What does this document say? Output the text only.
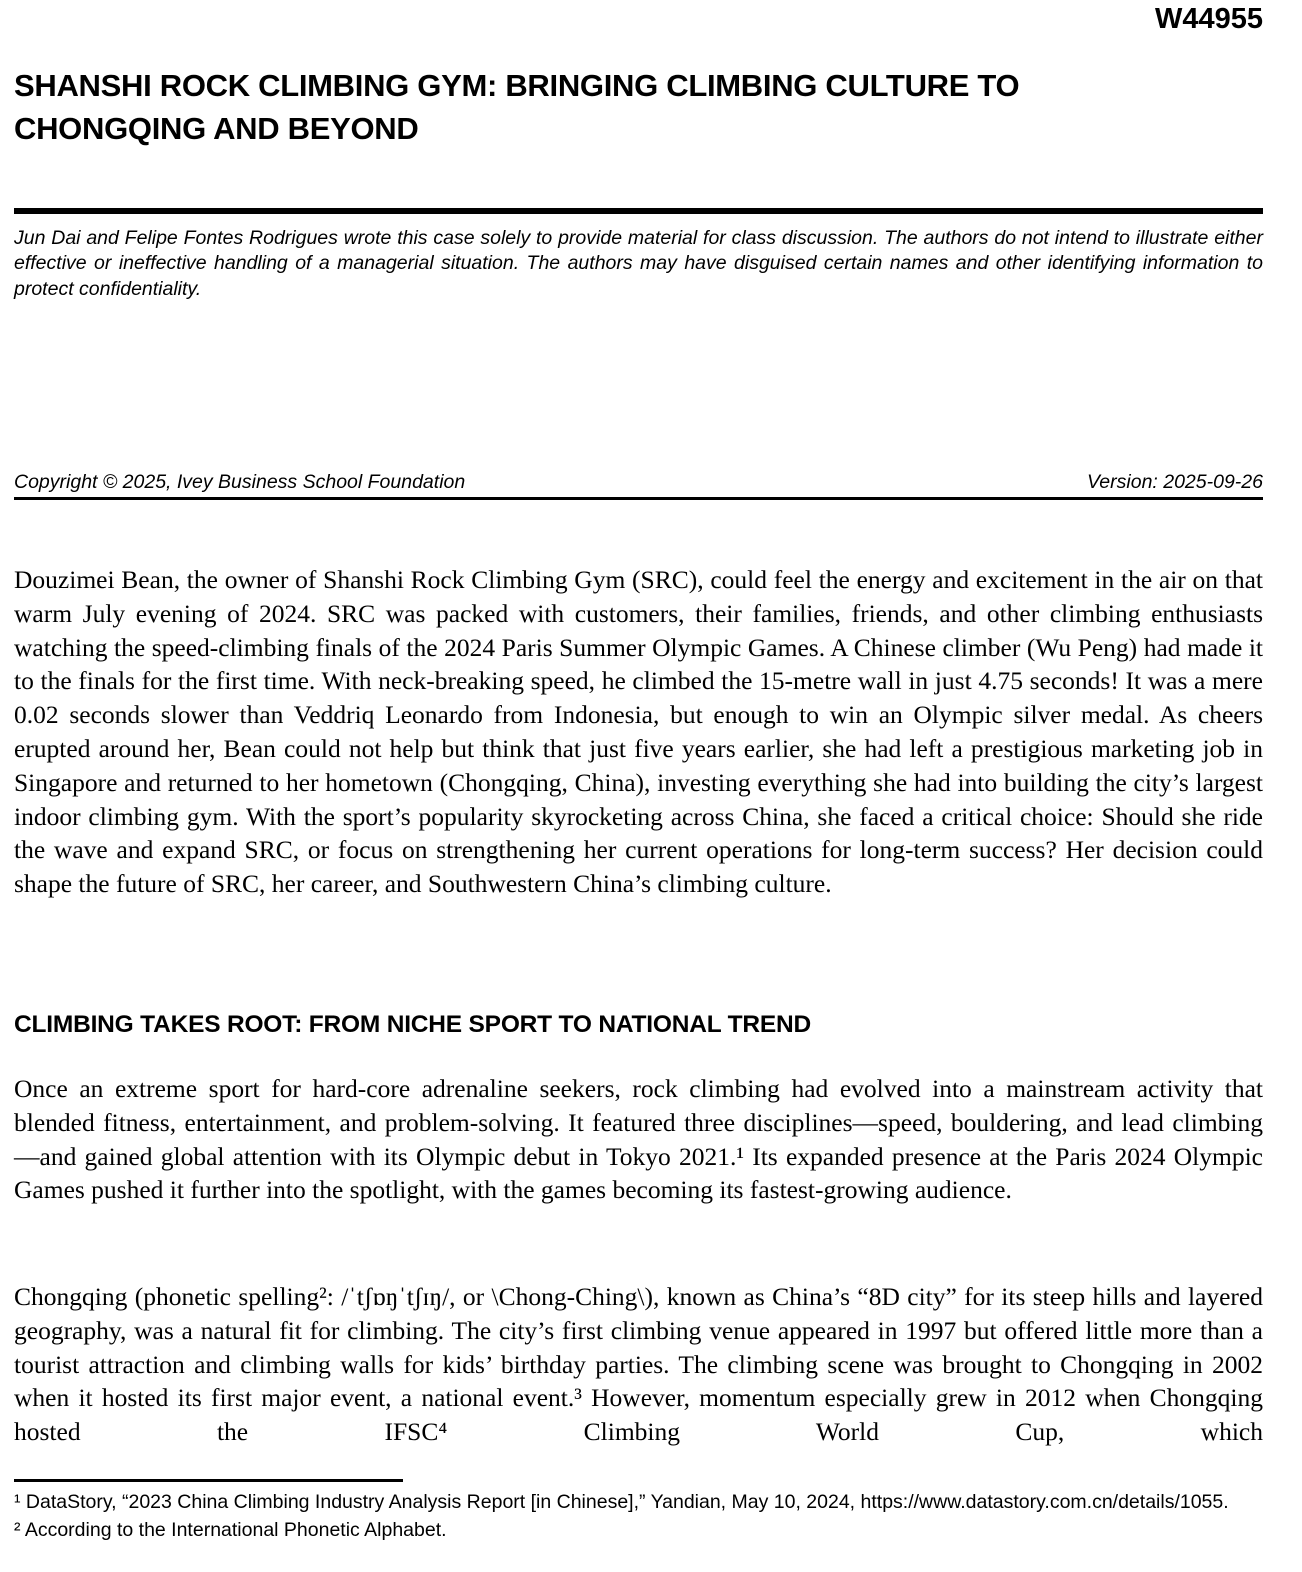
W44955
SHANSHI ROCK CLIMBING GYM: BRINGING CLIMBING CULTURE TO
CHONGQING AND BEYOND
Jun Dai and Felipe Fontes Rodrigues wrote this case solely to provide material for class discussion. The authors do not intend to illustrate either effective or ineffective handling of a managerial situation. The authors may have disguised certain names and other identifying information to protect confidentiality.
Copyright © 2025, Ivey Business School Foundation	Version: 2025-09-26
Douzimei Bean, the owner of Shanshi Rock Climbing Gym (SRC), could feel the energy and excitement in the air on that warm July evening of 2024. SRC was packed with customers, their families, friends, and other climbing enthusiasts watching the speed-climbing finals of the 2024 Paris Summer Olympic Games. A Chinese climber (Wu Peng) had made it to the finals for the first time. With neck-breaking speed, he climbed the 15-metre wall in just 4.75 seconds! It was a mere 0.02 seconds slower than Veddriq Leonardo from Indonesia, but enough to win an Olympic silver medal. As cheers erupted around her, Bean could not help but think that just five years earlier, she had left a prestigious marketing job in Singapore and returned to her hometown (Chongqing, China), investing everything she had into building the city’s largest indoor climbing gym. With the sport’s popularity skyrocketing across China, she faced a critical choice: Should she ride the wave and expand SRC, or focus on strengthening her current operations for long-term success? Her decision could shape the future of SRC, her career, and Southwestern China’s climbing culture.
CLIMBING TAKES ROOT: FROM NICHE SPORT TO NATIONAL TREND
Once an extreme sport for hard-core adrenaline seekers, rock climbing had evolved into a mainstream activity that blended fitness, entertainment, and problem-solving. It featured three disciplines—speed, bouldering, and lead climbing—and gained global attention with its Olympic debut in Tokyo 2021.¹ Its expanded presence at the Paris 2024 Olympic Games pushed it further into the spotlight, with the games becoming its fastest-growing audience.
Chongqing (phonetic spelling²: /ˈtʃɒŋˈtʃɪŋ/, or \Chong-Ching\), known as China’s “8D city” for its steep hills and layered geography, was a natural fit for climbing. The city’s first climbing venue appeared in 1997 but offered little more than a tourist attraction and climbing walls for kids’ birthday parties. The climbing scene was brought to Chongqing in 2002 when it hosted its first major event, a national event.³ However, momentum especially grew in 2012 when Chongqing hosted the IFSC⁴ Climbing World Cup, which
¹ DataStory, “2023 China Climbing Industry Analysis Report [in Chinese],” Yandian, May 10, 2024, https://www.datastory.com.cn/details/1055.
² According to the International Phonetic Alphabet.
